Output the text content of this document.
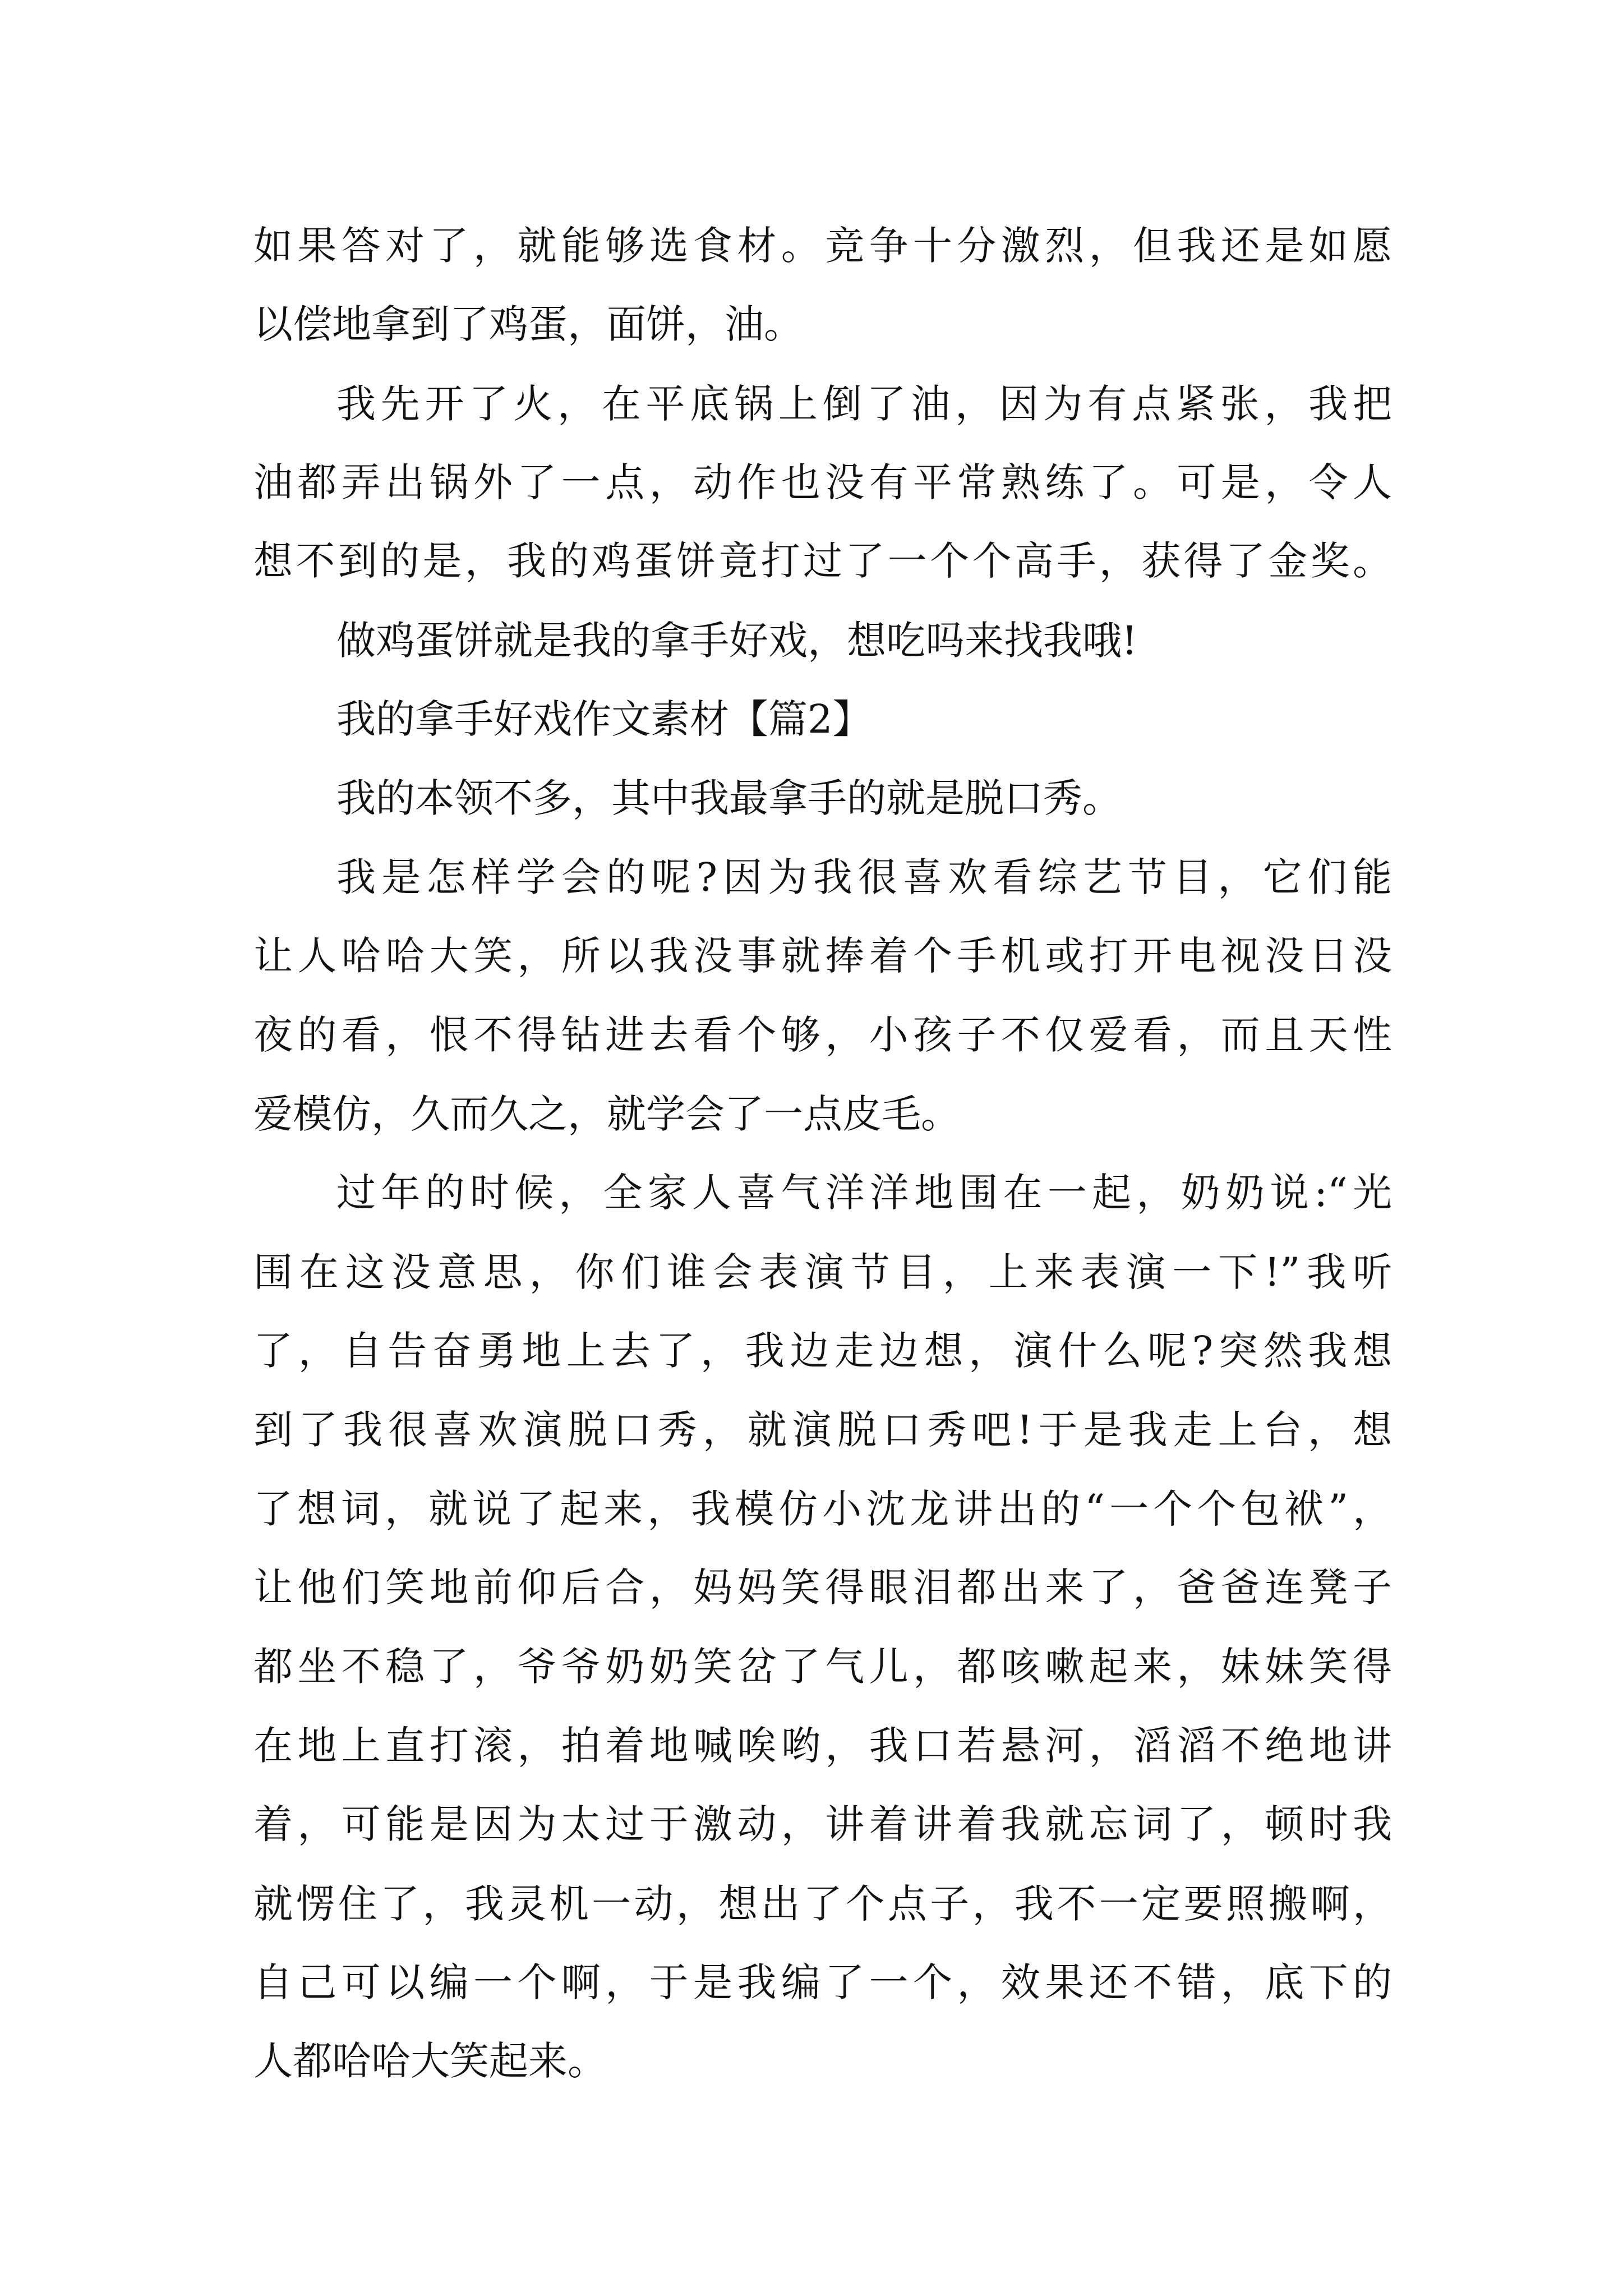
如果答对了，就能够选食材。竞争十分激烈，但我还是如愿

以偿地拿到了鸡蛋，面饼，油。

我先开了火，在平底锅上倒了油，因为有点紧张，我把

油都弄出锅外了一点，动作也没有平常熟练了。可是，令人

想不到的是，我的鸡蛋饼竟打过了一个个高手，获得了金奖。

做鸡蛋饼就是我的拿手好戏，想吃吗来找我哦!

我的拿手好戏作文素材【篇2】

我的本领不多，其中我最拿手的就是脱口秀。

我是怎样学会的呢?因为我很喜欢看综艺节目，它们能

让人哈哈大笑，所以我没事就捧着个手机或打开电视没日没

夜的看，恨不得钻进去看个够，小孩子不仅爱看，而且天性

爱模仿，久而久之，就学会了一点皮毛。

过年的时候，全家人喜气洋洋地围在一起，奶奶说:“光

围在这没意思，你们谁会表演节目，上来表演一下!”我听

了，自告奋勇地上去了，我边走边想，演什么呢?突然我想

到了我很喜欢演脱口秀，就演脱口秀吧!于是我走上台，想

了想词，就说了起来，我模仿小沈龙讲出的“一个个包袱”，

让他们笑地前仰后合，妈妈笑得眼泪都出来了，爸爸连凳子

都坐不稳了，爷爷奶奶笑岔了气儿，都咳嗽起来，妹妹笑得

在地上直打滚，拍着地喊唉哟，我口若悬河，滔滔不绝地讲

着，可能是因为太过于激动，讲着讲着我就忘词了，顿时我

就愣住了，我灵机一动，想出了个点子，我不一定要照搬啊，

自己可以编一个啊，于是我编了一个，效果还不错，底下的

人都哈哈大笑起来。
